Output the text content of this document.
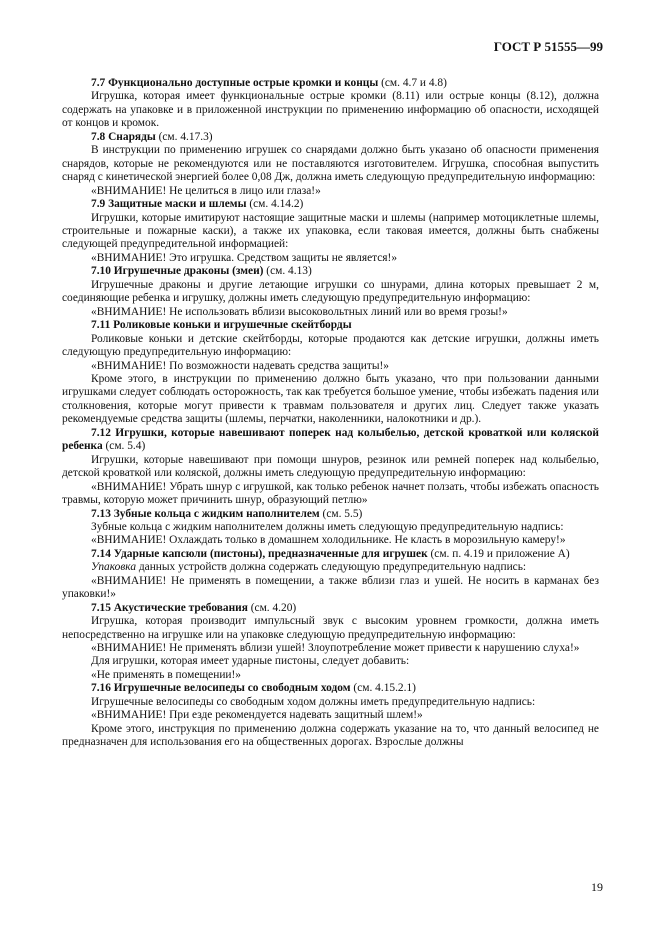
ГОСТ Р 51555—99

7.7 Функционально доступные острые кромки и концы (см. 4.7 и 4.8)

Игрушка, которая имеет функциональные острые кромки (8.11) или острые концы (8.12), должна содержать на упаковке и в приложенной инструкции по применению информацию об опасности, исходящей от концов и кромок.

7.8 Снаряды (см. 4.17.3)

В инструкции по применению игрушек со снарядами должно быть указано об опасности применения снарядов, которые не рекомендуются или не поставляются изготовителем. Игрушка, способная выпустить снаряд с кинетической энергией более 0,08 Дж, должна иметь следующую предупредительную информацию:

«ВНИМАНИЕ! Не целиться в лицо или глаза!»

7.9 Защитные маски и шлемы (см. 4.14.2)

Игрушки, которые имитируют настоящие защитные маски и шлемы (например мотоциклетные шлемы, строительные и пожарные каски), а также их упаковка, если таковая имеется, должны быть снабжены следующей предупредительной информацией:

«ВНИМАНИЕ! Это игрушка. Средством защиты не является!»

7.10 Игрушечные драконы (змеи) (см. 4.13)

Игрушечные драконы и другие летающие игрушки со шнурами, длина которых превышает 2 м, соединяющие ребенка и игрушку, должны иметь следующую предупредительную информацию:

«ВНИМАНИЕ! Не использовать вблизи высоковольтных линий или во время грозы!»

7.11 Роликовые коньки и игрушечные скейтборды

Роликовые коньки и детские скейтборды, которые продаются как детские игрушки, должны иметь следующую предупредительную информацию:

«ВНИМАНИЕ! По возможности надевать средства защиты!»

Кроме этого, в инструкции по применению должно быть указано, что при пользовании данными игрушками следует соблюдать осторожность, так как требуется большое умение, чтобы избежать падения или столкновения, которые могут привести к травмам пользователя и других лиц. Следует также указать рекомендуемые средства защиты (шлемы, перчатки, наколенники, налокотники и др.).

7.12 Игрушки, которые навешивают поперек над колыбелью, детской кроваткой или коляской ребенка (см. 5.4)

Игрушки, которые навешивают при помощи шнуров, резинок или ремней поперек над колыбелью, детской кроваткой или коляской, должны иметь следующую предупредительную информацию:

«ВНИМАНИЕ! Убрать шнур с игрушкой, как только ребенок начнет ползать, чтобы избежать опасность травмы, которую может причинить шнур, образующий петлю»

7.13 Зубные кольца с жидким наполнителем (см. 5.5)

Зубные кольца с жидким наполнителем должны иметь следующую предупредительную надпись:

«ВНИМАНИЕ! Охлаждать только в домашнем холодильнике. Не класть в морозильную камеру!»

7.14 Ударные капсюли (пистоны), предназначенные для игрушек (см. п. 4.19 и приложение А)

Упаковка данных устройств должна содержать следующую предупредительную надпись:

«ВНИМАНИЕ! Не применять в помещении, а также вблизи глаз и ушей. Не носить в карманах без упаковки!»

7.15 Акустические требования (см. 4.20)

Игрушка, которая производит импульсный звук с высоким уровнем громкости, должна иметь непосредственно на игрушке или на упаковке следующую предупредительную информацию:

«ВНИМАНИЕ! Не применять вблизи ушей! Злоупотребление может привести к нарушению слуха!»

Для игрушки, которая имеет ударные пистоны, следует добавить:

«Не применять в помещении!»

7.16 Игрушечные велосипеды со свободным ходом (см. 4.15.2.1)

Игрушечные велосипеды со свободным ходом должны иметь предупредительную надпись:

«ВНИМАНИЕ! При езде рекомендуется надевать защитный шлем!»

Кроме этого, инструкция по применению должна содержать указание на то, что данный велосипед не предназначен для использования его на общественных дорогах. Взрослые должны

19
